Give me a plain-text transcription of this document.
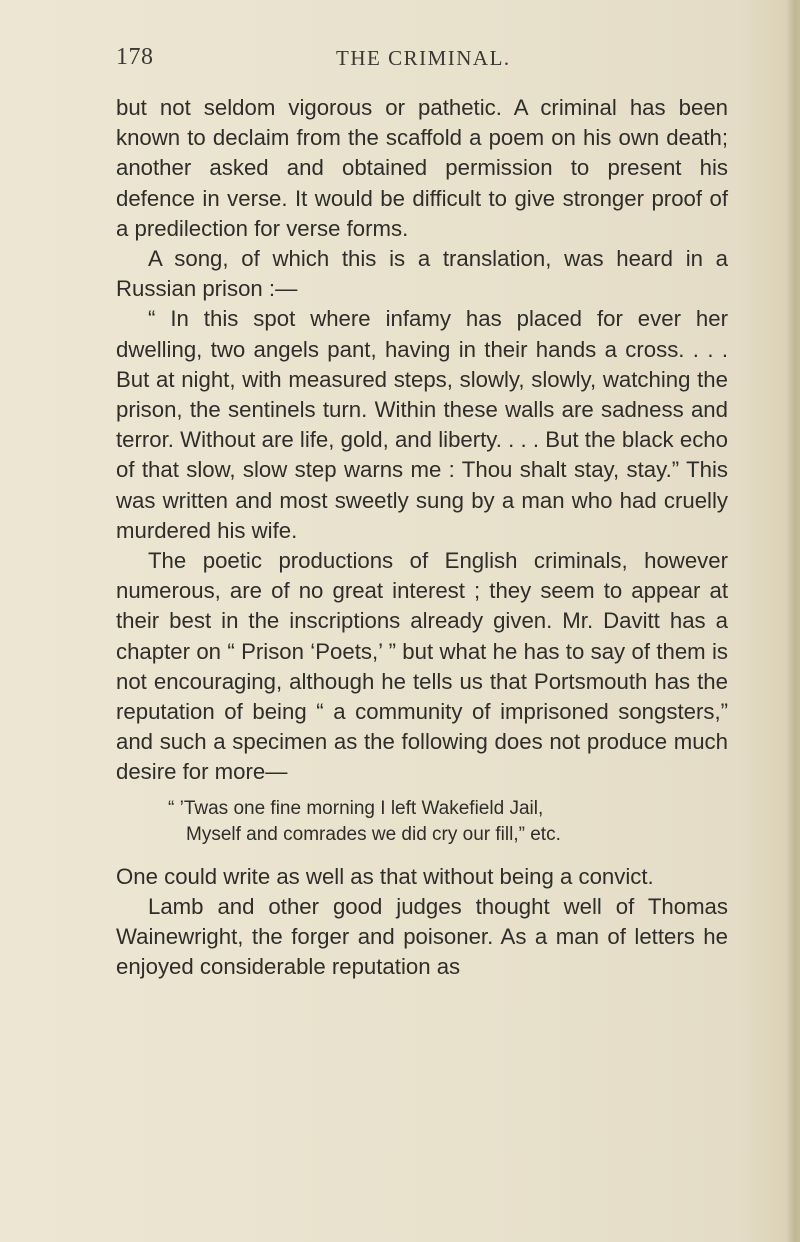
178	THE CRIMINAL.

but not seldom vigorous or pathetic. A criminal has been known to declaim from the scaffold a poem on his own death; another asked and obtained permission to present his defence in verse. It would be difficult to give stronger proof of a predilection for verse forms.

A song, of which this is a translation, was heard in a Russian prison :—

“ In this spot where infamy has placed for ever her dwelling, two angels pant, having in their hands a cross. . . . But at night, with measured steps, slowly, slowly, watching the prison, the sentinels turn. Within these walls are sadness and terror. Without are life, gold, and liberty. . . . But the black echo of that slow, slow step warns me : Thou shalt stay, stay.” This was written and most sweetly sung by a man who had cruelly murdered his wife.

The poetic productions of English criminals, however numerous, are of no great interest ; they seem to appear at their best in the inscriptions already given. Mr. Davitt has a chapter on “ Prison ‘Poets,’ ” but what he has to say of them is not encouraging, although he tells us that Portsmouth has the reputation of being “ a community of imprisoned songsters,” and such a specimen as the following does not produce much desire for more—

“ ’Twas one fine morning I left Wakefield Jail,
Myself and comrades we did cry our fill,” etc.

One could write as well as that without being a convict.

Lamb and other good judges thought well of Thomas Wainewright, the forger and poisoner. As a man of letters he enjoyed considerable reputation as
